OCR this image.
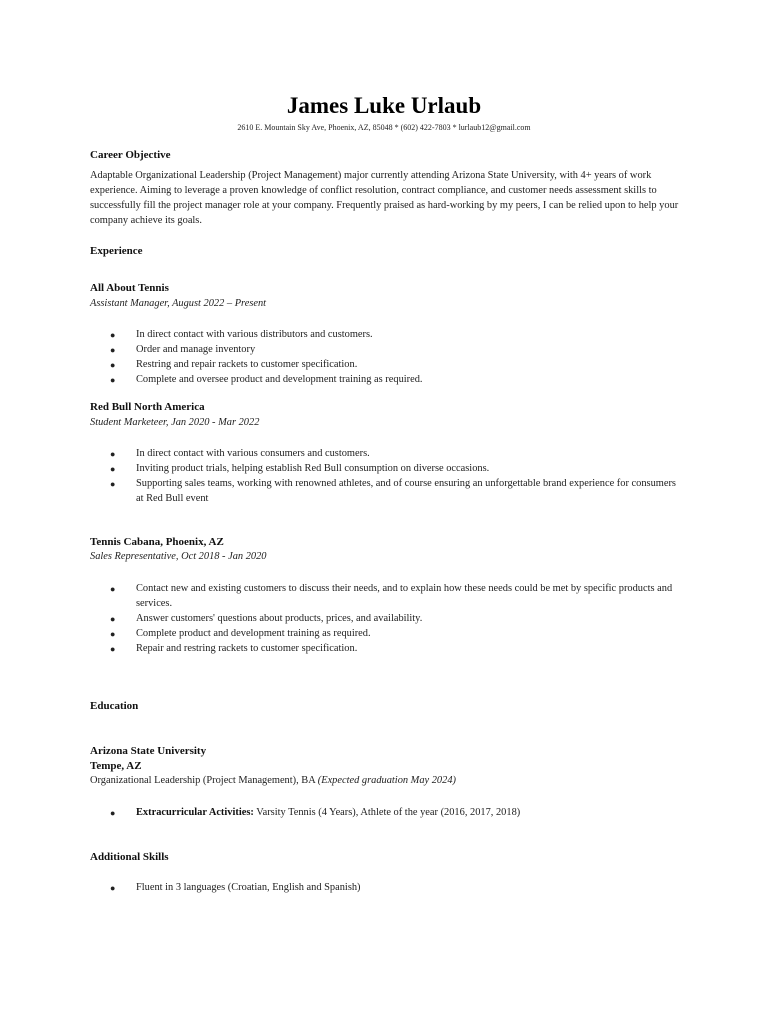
James Luke Urlaub
2610 E. Mountain Sky Ave, Phoenix, AZ, 85048 * (602) 422-7803 * lurlaub12@gmail.com
Career Objective
Adaptable Organizational Leadership (Project Management) major currently attending Arizona State University, with 4+ years of work experience. Aiming to leverage a proven knowledge of conflict resolution, contract compliance, and customer needs assessment skills to successfully fill the project manager role at your company. Frequently praised as hard-working by my peers, I can be relied upon to help your company achieve its goals.
Experience
All About Tennis
Assistant Manager, August 2022 – Present
● In direct contact with various distributors and customers.
● Order and manage inventory
● Restring and repair rackets to customer specification.
● Complete and oversee product and development training as required.
Red Bull North America
Student Marketeer, Jan 2020 - Mar 2022
● In direct contact with various consumers and customers.
● Inviting product trials, helping establish Red Bull consumption on diverse occasions.
● Supporting sales teams, working with renowned athletes, and of course ensuring an unforgettable brand experience for consumers at Red Bull event
Tennis Cabana, Phoenix, AZ
Sales Representative, Oct 2018 - Jan 2020
● Contact new and existing customers to discuss their needs, and to explain how these needs could be met by specific products and services.
● Answer customers' questions about products, prices, and availability.
● Complete product and development training as required.
● Repair and restring rackets to customer specification.
Education
Arizona State University
Tempe, AZ
Organizational Leadership (Project Management), BA (Expected graduation May 2024)
● Extracurricular Activities: Varsity Tennis (4 Years), Athlete of the year (2016, 2017, 2018)
Additional Skills
● Fluent in 3 languages (Croatian, English and Spanish)
